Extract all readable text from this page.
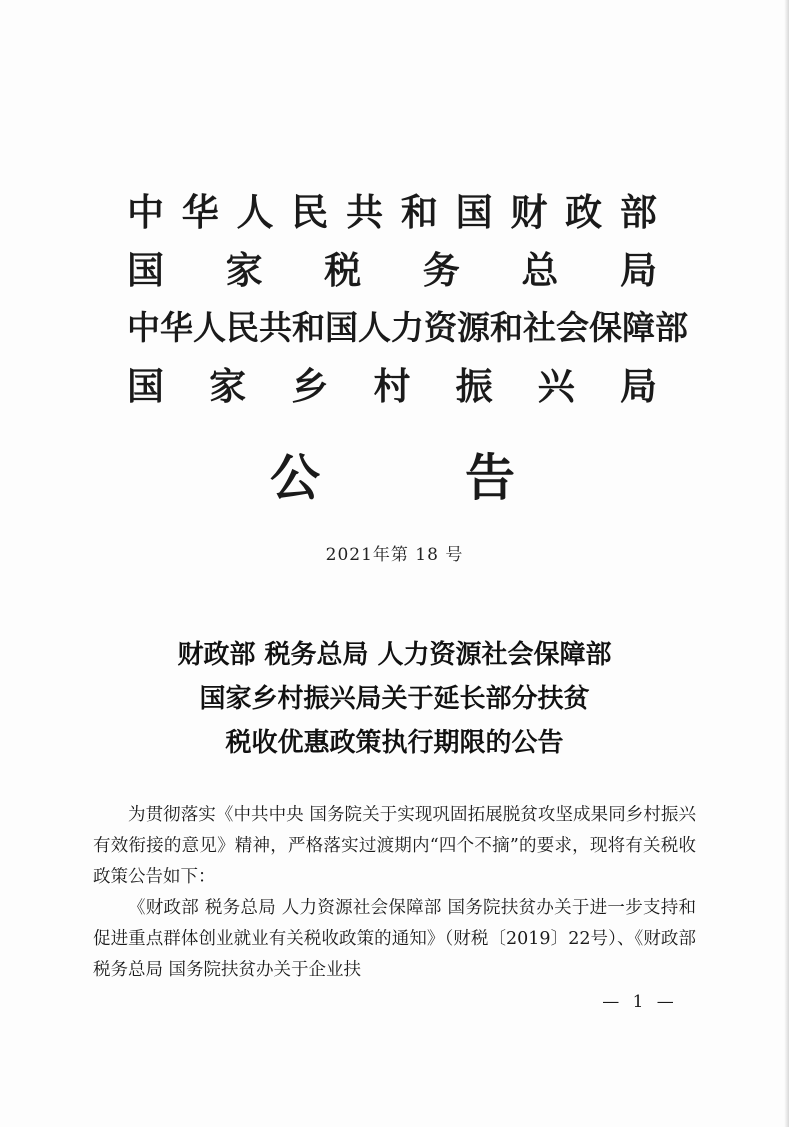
中 华 人 民 共 和 国 财 政 部
国 家 税 务 总 局
中 华 人 民 共 和 国 人 力 资 源 和 社 会 保 障 部
国 家 乡 村 振 兴 局
公	告
2021年第 18 号
财政部 税务总局 人力资源社会保障部
国家乡村振兴局关于延长部分扶贫
税收优惠政策执行期限的公告

为贯彻落实《中共中央 国务院关于实现巩固拓展脱贫攻坚成果同乡村振兴有效衔接的意见》精神，严格落实过渡期内“四个不摘”的要求，现将有关税收政策公告如下：

《财政部 税务总局 人力资源社会保障部 国务院扶贫办关于进一步支持和促进重点群体创业就业有关税收政策的通知》（财税〔2019〕22号）、《财政部 税务总局 国务院扶贫办关于企业扶

— 1 —
